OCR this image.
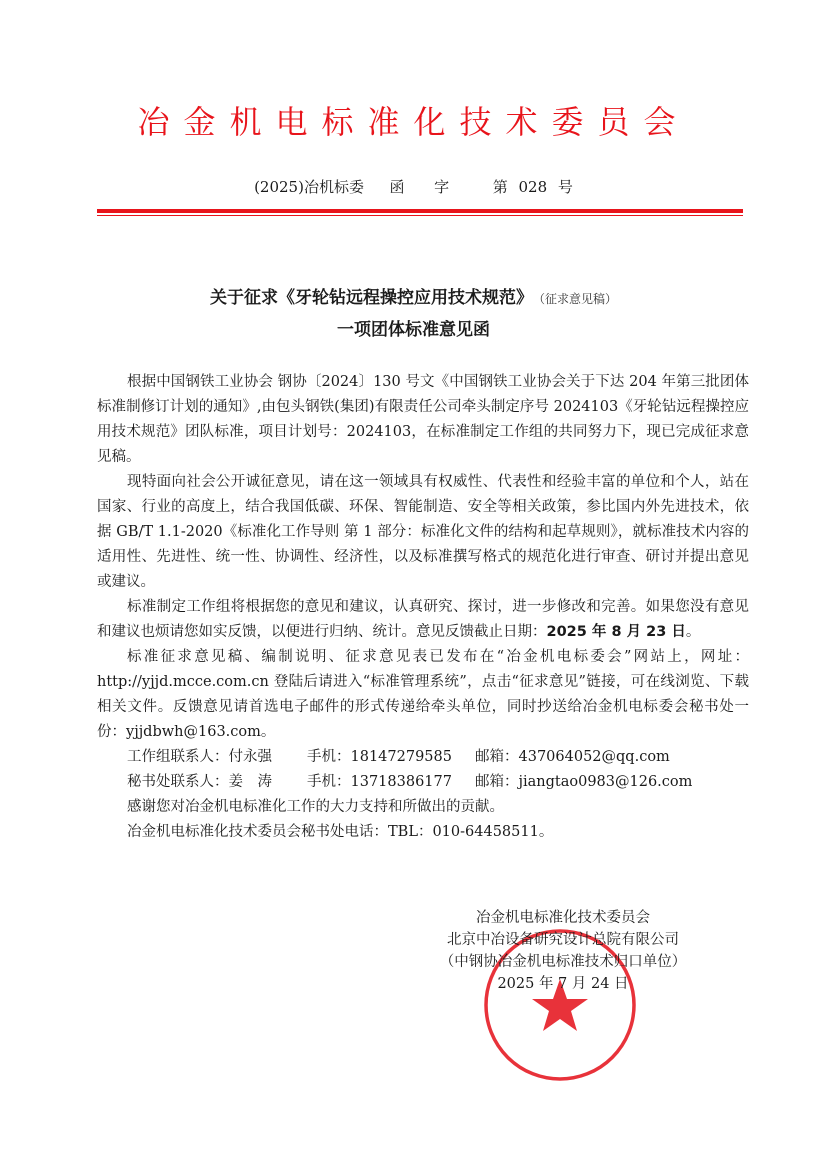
冶金机电标准化技术委员会
(2025)冶机标委 函 字	第 028 号
关于征求《牙轮钻远程操控应用技术规范》 （征求意见稿）
一项团体标准意见函

根据中国钢铁工业协会 钢协〔2024〕130 号文《中国钢铁工业协会关于下达 204 年第三批团体标准制修订计划的通知》,由包头钢铁(集团)有限责任公司牵头制定序号 2024103《牙轮钻远程操控应用技术规范》团队标准，项目计划号：2024103，在标准制定工作组的共同努力下，现已完成征求意见稿。

现特面向社会公开诚征意见，请在这一领域具有权威性、代表性和经验丰富的单位和个人，站在国家、行业的高度上，结合我国低碳、环保、智能制造、安全等相关政策，参比国内外先进技术，依据 GB/T 1.1-2020《标准化工作导则 第 1 部分：标准化文件的结构和起草规则》，就标准技术内容的适用性、先进性、统一性、协调性、经济性，以及标准撰写格式的规范化进行审查、研讨并提出意见或建议。

标准制定工作组将根据您的意见和建议，认真研究、探讨，进一步修改和完善。如果您没有意见和建议也烦请您如实反馈，以便进行归纳、统计。意见反馈截止日期：2025 年 8 月 23 日。

标准征求意见稿、编制说明、征求意见表已发布在“冶金机电标委会”网站上，网址：http://yjjd.mcce.com.cn 登陆后请进入“标准管理系统”，点击“征求意见”链接，可在线浏览、下载相关文件。反馈意见请首选电子邮件的形式传递给牵头单位，同时抄送给冶金机电标委会秘书处一份：yjjdbwh@163.com。

工作组联系人：付永强	手机：18147279585	邮箱：437064052@qq.com
秘书处联系人：姜　涛	手机：13718386177	邮箱：jiangtao0983@126.com
感谢您对冶金机电标准化工作的大力支持和所做出的贡献。
冶金机电标准化技术委员会秘书处电话：TBL：010-64458511。
冶金机电标准化技术委员会
北京中冶设备研究设计总院有限公司
（中钢协冶金机电标准技术归口单位）
2025 年 7 月 24 日
